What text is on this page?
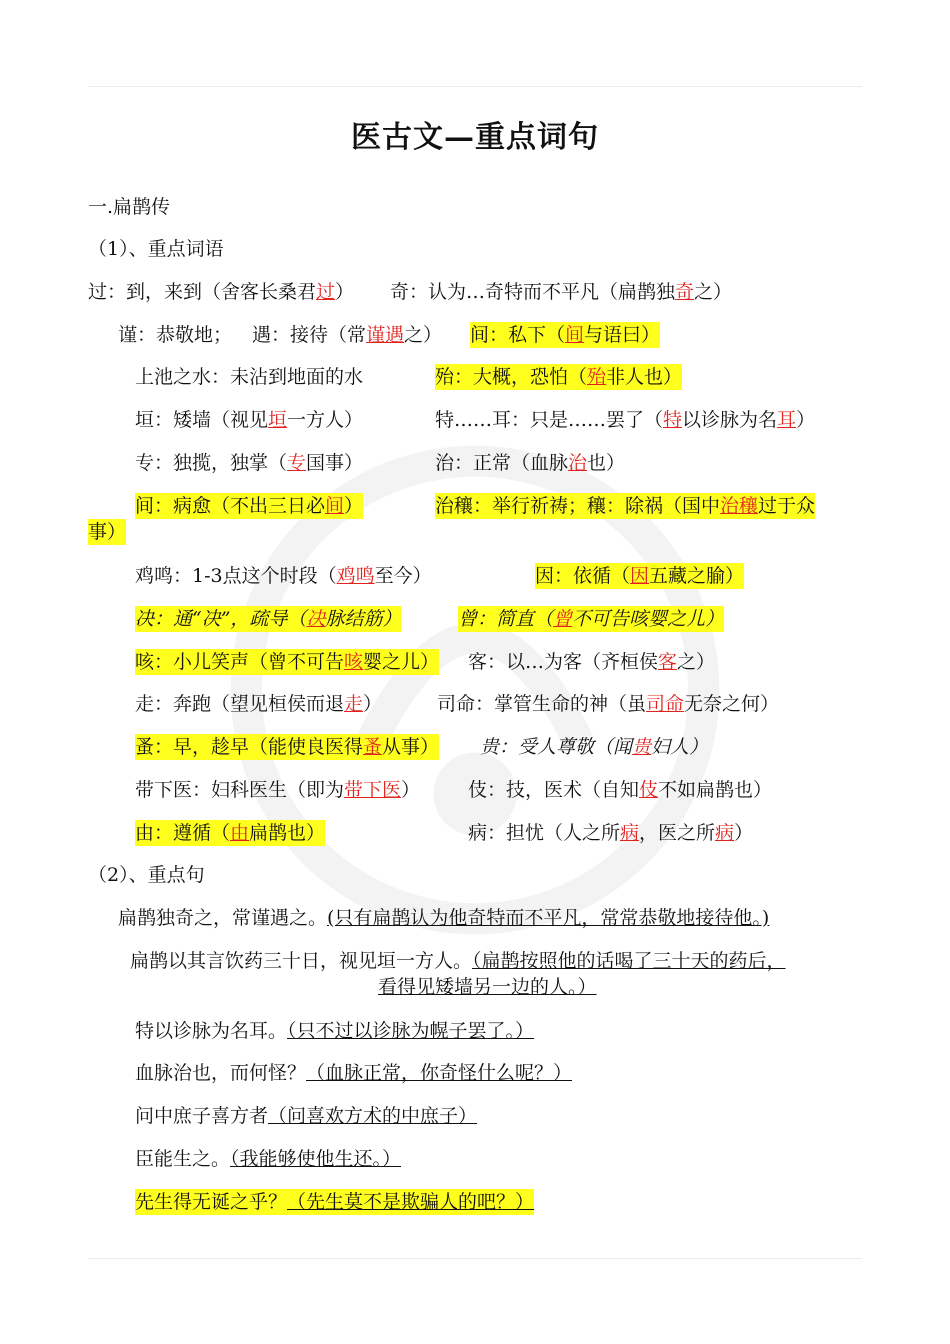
医古文—重点词句
一.扁鹊传
（1）、重点词语
过：到，来到（舍客长桑君过） 奇：认为…奇特而不平凡（扁鹊独奇之）
谨：恭敬地； 遇：接待（常谨遇之） 间：私下（间与语曰）
上池之水：未沾到地面的水	殆：大概，恐怕（殆非人也）
垣：矮墙（视见垣一方人）	特……耳：只是……罢了（特以诊脉为名耳）
专：独揽，独掌（专国事）	治：正常（血脉治也）
间：病愈（不出三日必间）	治穰：举行祈祷；穰：除祸（国中治穰过于众
事）
鸡鸣：1-3点这个时段（鸡鸣至今）	因：依循（因五藏之腧）
决：通“决”，疏导（决脉结筋）	曾：简直（曾不可告咳婴之儿）
咳：小儿笑声（曾不可告咳婴之儿） 客：以…为客（齐桓侯客之）
走：奔跑（望见桓侯而退走）	司命：掌管生命的神（虽司命无奈之何）
蚤：早，趁早（能使良医得蚤从事） 贵：受人尊敬（闻贵妇人）
带下医：妇科医生（即为带下医）	伎：技，医术（自知伎不如扁鹊也）
由：遵循（由扁鹊也）	病：担忧（人之所病，医之所病）
（2）、重点句
扁鹊独奇之，常谨遇之。(只有扁鹊认为他奇特而不平凡，常常恭敬地接待他。)
扁鹊以其言饮药三十日，视见垣一方人。（扁鹊按照他的话喝了三十天的药后，
看得见矮墙另一边的人。）
特以诊脉为名耳。（只不过以诊脉为幌子罢了。）
血脉治也，而何怪？（血脉正常，你奇怪什么呢？）
问中庶子喜方者（问喜欢方术的中庶子）
臣能生之。（我能够使他生还。）
先生得无诞之乎？（先生莫不是欺骗人的吧？）
